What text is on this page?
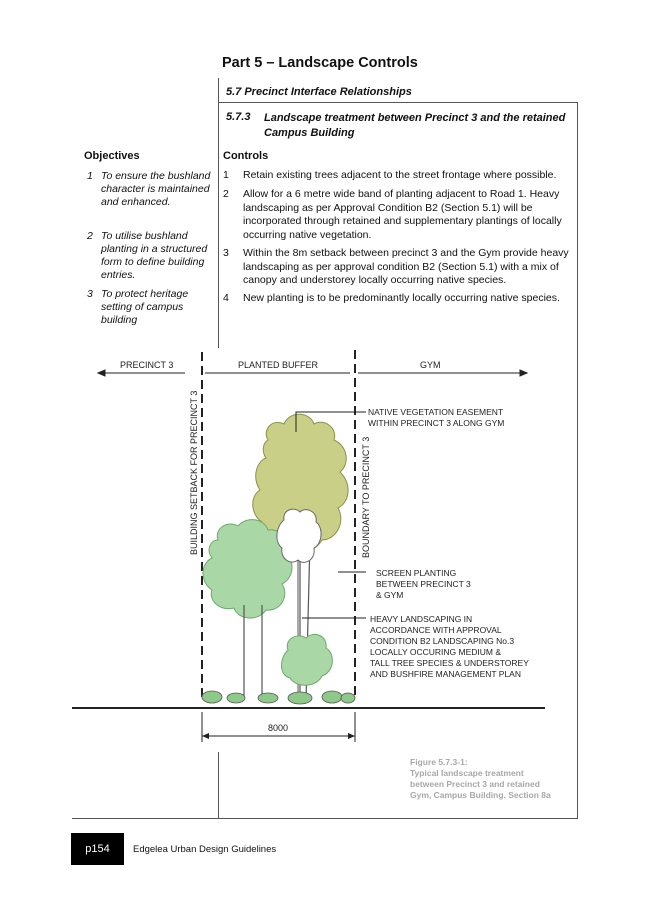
Part 5 – Landscape Controls
5.7 Precinct Interface Relationships
5.7.3 Landscape treatment between Precinct 3 and the retained Campus Building
Objectives
1 To ensure the bushland character is maintained and enhanced.
2 To utilise bushland planting in a structured form to define building entries.
3 To protect heritage setting of campus building
Controls
1	Retain existing trees adjacent to the street frontage where possible.
2	Allow for a 6 metre wide band of planting adjacent to Road 1. Heavy landscaping as per Approval Condition B2 (Section 5.1) will be incorporated through retained and supplementary plantings of locally occurring native vegetation.
3	Within the 8m setback between precinct 3 and the Gym provide heavy landscaping as per approval condition B2 (Section 5.1) with a mix of canopy and understorey locally occurring native species.
4	New planting is to be predominantly locally occurring native species.
PRECINCT 3	PLANTED BUFFER	GYM
BUILDING SETBACK FOR PRECINCT 3	BOUNDARY TO PRECINCT 3
8000
NATIVE VEGETATION EASEMENT
WITHIN PRECINCT 3 ALONG GYM
SCREEN PLANTING
BETWEEN PRECINCT 3
& GYM
HEAVY LANDSCAPING IN
ACCORDANCE WITH APPROVAL
CONDITION B2 LANDSCAPING No.3
LOCALLY OCCURING MEDIUM &
TALL TREE SPECIES & UNDERSTOREY
AND BUSHFIRE MANAGEMENT PLAN
Figure 5.7.3-1:
Typical landscape treatment
between Precinct 3 and retained
Gym, Campus Building. Section 8a
p154	Edgelea Urban Design Guidelines
